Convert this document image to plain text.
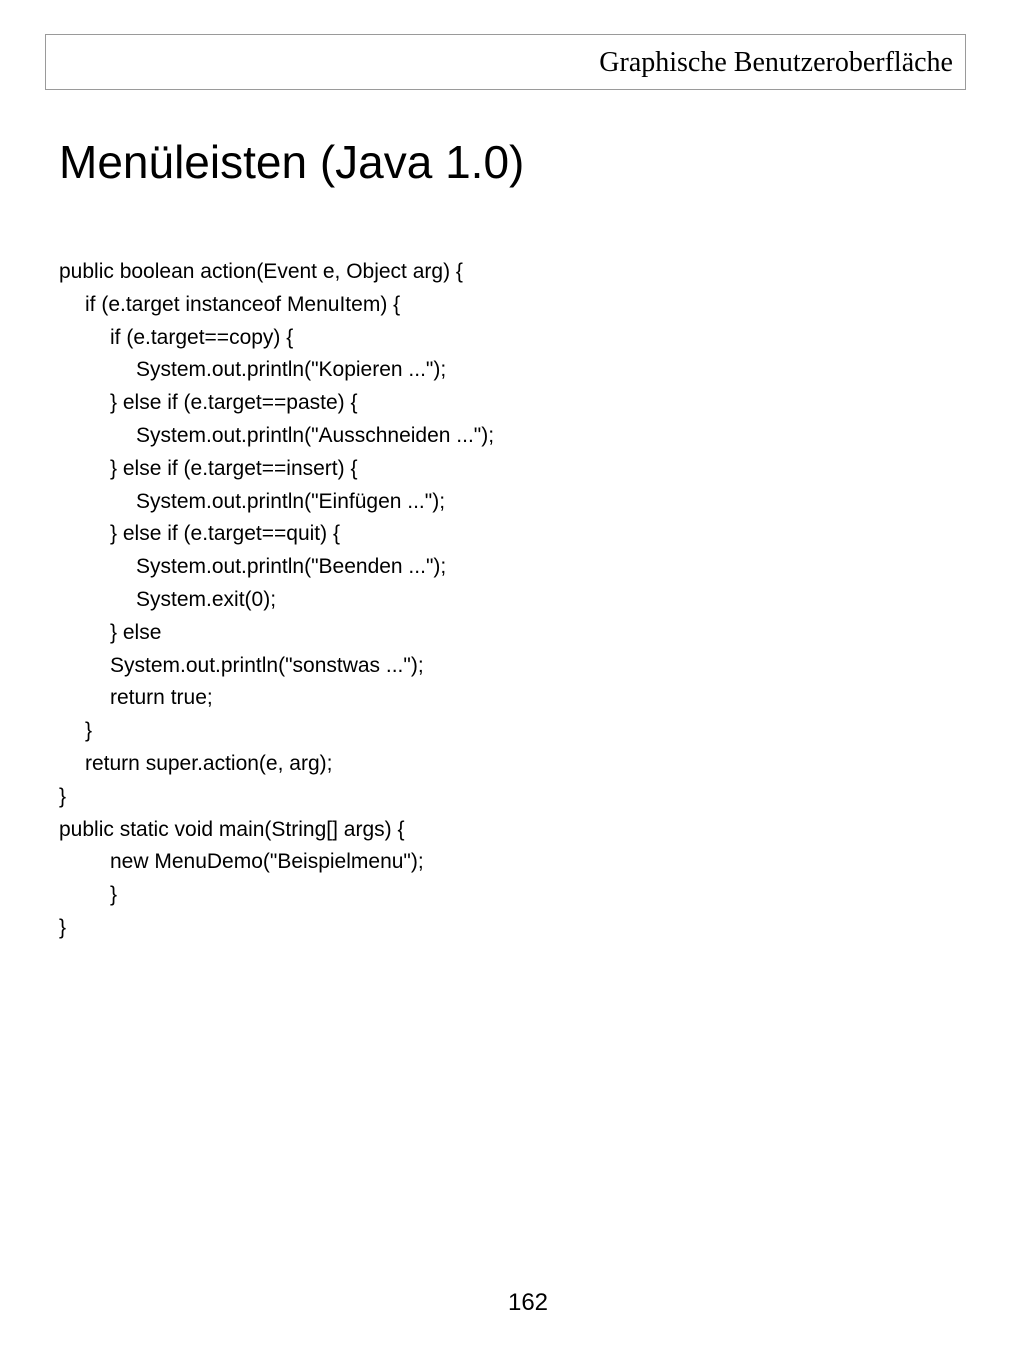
Graphische Benutzeroberfläche
Menüleisten (Java 1.0)
public boolean action(Event e, Object arg) {
if (e.target instanceof MenuItem) {
if (e.target==copy) {
System.out.println("Kopieren ...");
} else if (e.target==paste) {
System.out.println("Ausschneiden ...");
} else if (e.target==insert) {
System.out.println("Einfügen ...");
} else if (e.target==quit) {
System.out.println("Beenden ...");
System.exit(0);
} else
System.out.println("sonstwas ...");
return true;
}
return super.action(e, arg);
}
public static void main(String[] args) {
new MenuDemo("Beispielmenu");
}
}
162
